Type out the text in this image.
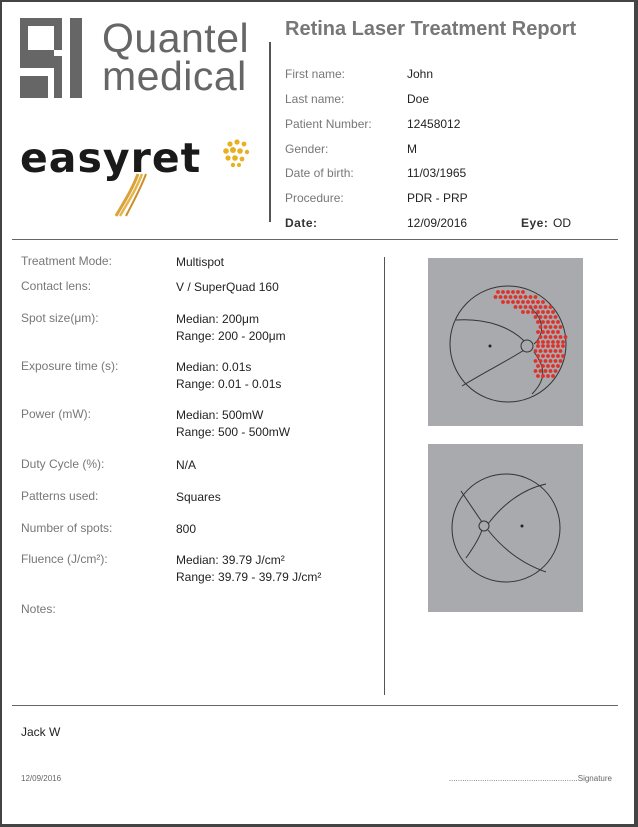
Quantel
medical
easyret
Retina Laser Treatment Report
First name:	John
Last name:	Doe
Patient Number:	12458012
Gender:	M
Date of birth:	11/03/1965
Procedure:	PDR - PRP
Date:	12/09/2016	Eye: OD
Treatment Mode:	Multispot
Contact lens:	V / SuperQuad 160
Spot size(μm):	Median: 200μm
Range: 200 - 200μm
Exposure time (s):	Median: 0.01s
Range: 0.01 - 0.01s
Power (mW):	Median: 500mW
Range: 500 - 500mW
Duty Cycle (%):	N/A
Patterns used:	Squares
Number of spots:	800
Fluence (J/cm²):	Median: 39.79 J/cm²
Range: 39.79 - 39.79 J/cm²
Notes:
Jack W
12/09/2016	..........................................................Signature
